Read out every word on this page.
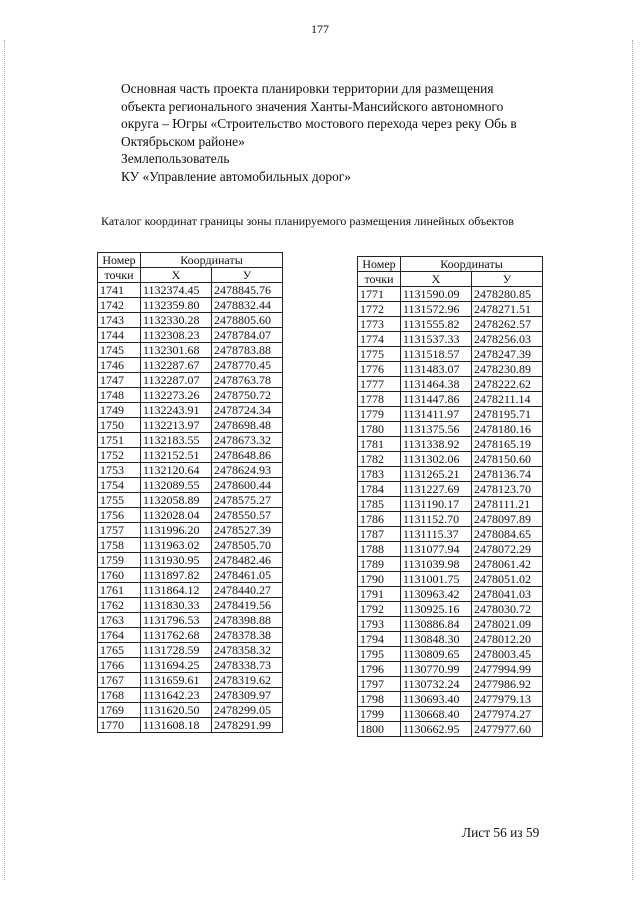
177
Основная часть проекта планировки территории для размещения
объекта регионального значения Ханты-Мансийского автономного
округа – Югры «Строительство мостового перехода через реку Обь в
Октябрьском районе»
Землепользователь
КУ «Управление автомобильных дорог»
Каталог координат границы зоны планируемого размещения линейных объектов
Номер	Координаты	
точки	Х	У
1741	1132374.45	2478845.76
1742	1132359.80	2478832.44
1743	1132330.28	2478805.60
1744	1132308.23	2478784.07
1745	1132301.68	2478783.88
1746	1132287.67	2478770.45
1747	1132287.07	2478763.78
1748	1132273.26	2478750.72
1749	1132243.91	2478724.34
1750	1132213.97	2478698.48
1751	1132183.55	2478673.32
1752	1132152.51	2478648.86
1753	1132120.64	2478624.93
1754	1132089.55	2478600.44
1755	1132058.89	2478575.27
1756	1132028.04	2478550.57
1757	1131996.20	2478527.39
1758	1131963.02	2478505.70
1759	1131930.95	2478482.46
1760	1131897.82	2478461.05
1761	1131864.12	2478440.27
1762	1131830.33	2478419.56
1763	1131796.53	2478398.88
1764	1131762.68	2478378.38
1765	1131728.59	2478358.32
1766	1131694.25	2478338.73
1767	1131659.61	2478319.62
1768	1131642.23	2478309.97
1769	1131620.50	2478299.05
1770	1131608.18	2478291.99
Номер	Координаты	
точки	Х	У
1771	1131590.09	2478280.85
1772	1131572.96	2478271.51
1773	1131555.82	2478262.57
1774	1131537.33	2478256.03
1775	1131518.57	2478247.39
1776	1131483.07	2478230.89
1777	1131464.38	2478222.62
1778	1131447.86	2478211.14
1779	1131411.97	2478195.71
1780	1131375.56	2478180.16
1781	1131338.92	2478165.19
1782	1131302.06	2478150.60
1783	1131265.21	2478136.74
1784	1131227.69	2478123.70
1785	1131190.17	2478111.21
1786	1131152.70	2478097.89
1787	1131115.37	2478084.65
1788	1131077.94	2478072.29
1789	1131039.98	2478061.42
1790	1131001.75	2478051.02
1791	1130963.42	2478041.03
1792	1130925.16	2478030.72
1793	1130886.84	2478021.09
1794	1130848.30	2478012.20
1795	1130809.65	2478003.45
1796	1130770.99	2477994.99
1797	1130732.24	2477986.92
1798	1130693.40	2477979.13
1799	1130668.40	2477974.27
1800	1130662.95	2477977.60
Лист 56 из 59
